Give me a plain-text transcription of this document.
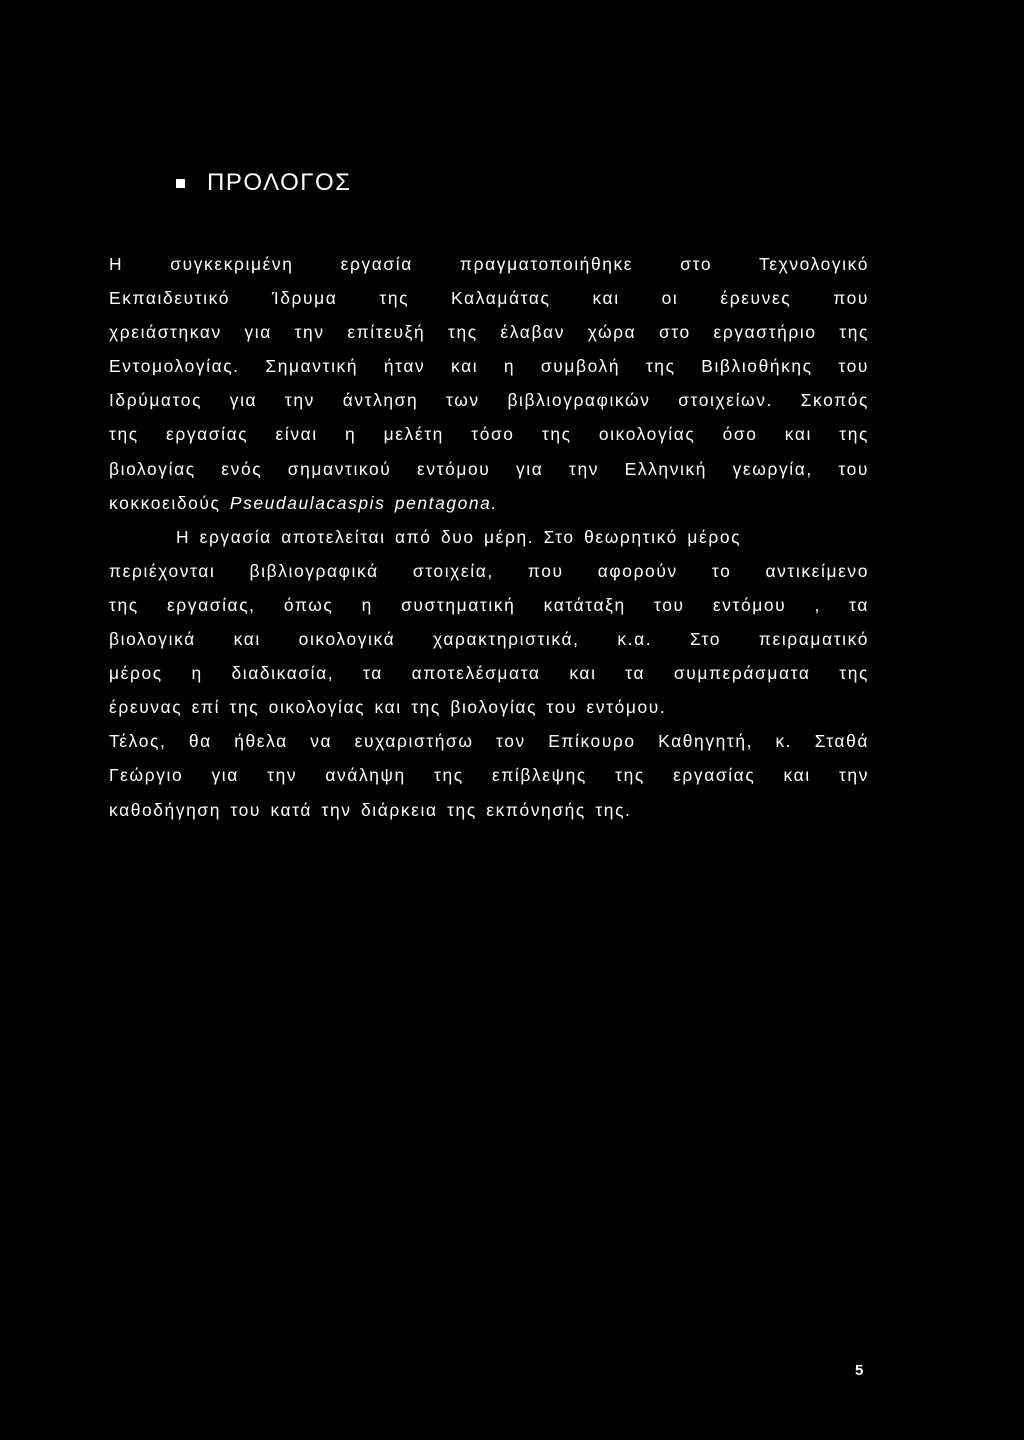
ΠΡΟΛΟΓΟΣ
Η συγκεκριμένη εργασία πραγματοποιήθηκε στο Τεχνολογικό
Εκπαιδευτικό Ίδρυμα της Καλαμάτας και οι έρευνες που
χρειάστηκαν για την επίτευξή της έλαβαν χώρα στο εργαστήριο της
Εντομολογίας. Σημαντική ήταν και η συμβολή της Βιβλιοθήκης του
Ιδρύματος για την άντληση των βιβλιογραφικών στοιχείων. Σκοπός
της εργασίας είναι η μελέτη τόσο της οικολογίας όσο και της
βιολογίας ενός σημαντικού εντόμου για την Ελληνική γεωργία, του
κοκκοειδούς Pseudaulacaspis pentagona.
Η εργασία αποτελείται από δυο μέρη. Στο θεωρητικό μέρος
περιέχονται βιβλιογραφικά στοιχεία, που αφορούν το αντικείμενο
της εργασίας, όπως η συστηματική κατάταξη του εντόμου , τα
βιολογικά και οικολογικά χαρακτηριστικά, κ.α. Στο πειραματικό
μέρος η διαδικασία, τα αποτελέσματα και τα συμπεράσματα της
έρευνας επί της οικολογίας και της βιολογίας του εντόμου.
Τέλος, θα ήθελα να ευχαριστήσω τον Επίκουρο Καθηγητή, κ. Σταθά
Γεώργιο για την ανάληψη της επίβλεψης της εργασίας και την
καθοδήγηση του κατά την διάρκεια της εκπόνησής της.
5
